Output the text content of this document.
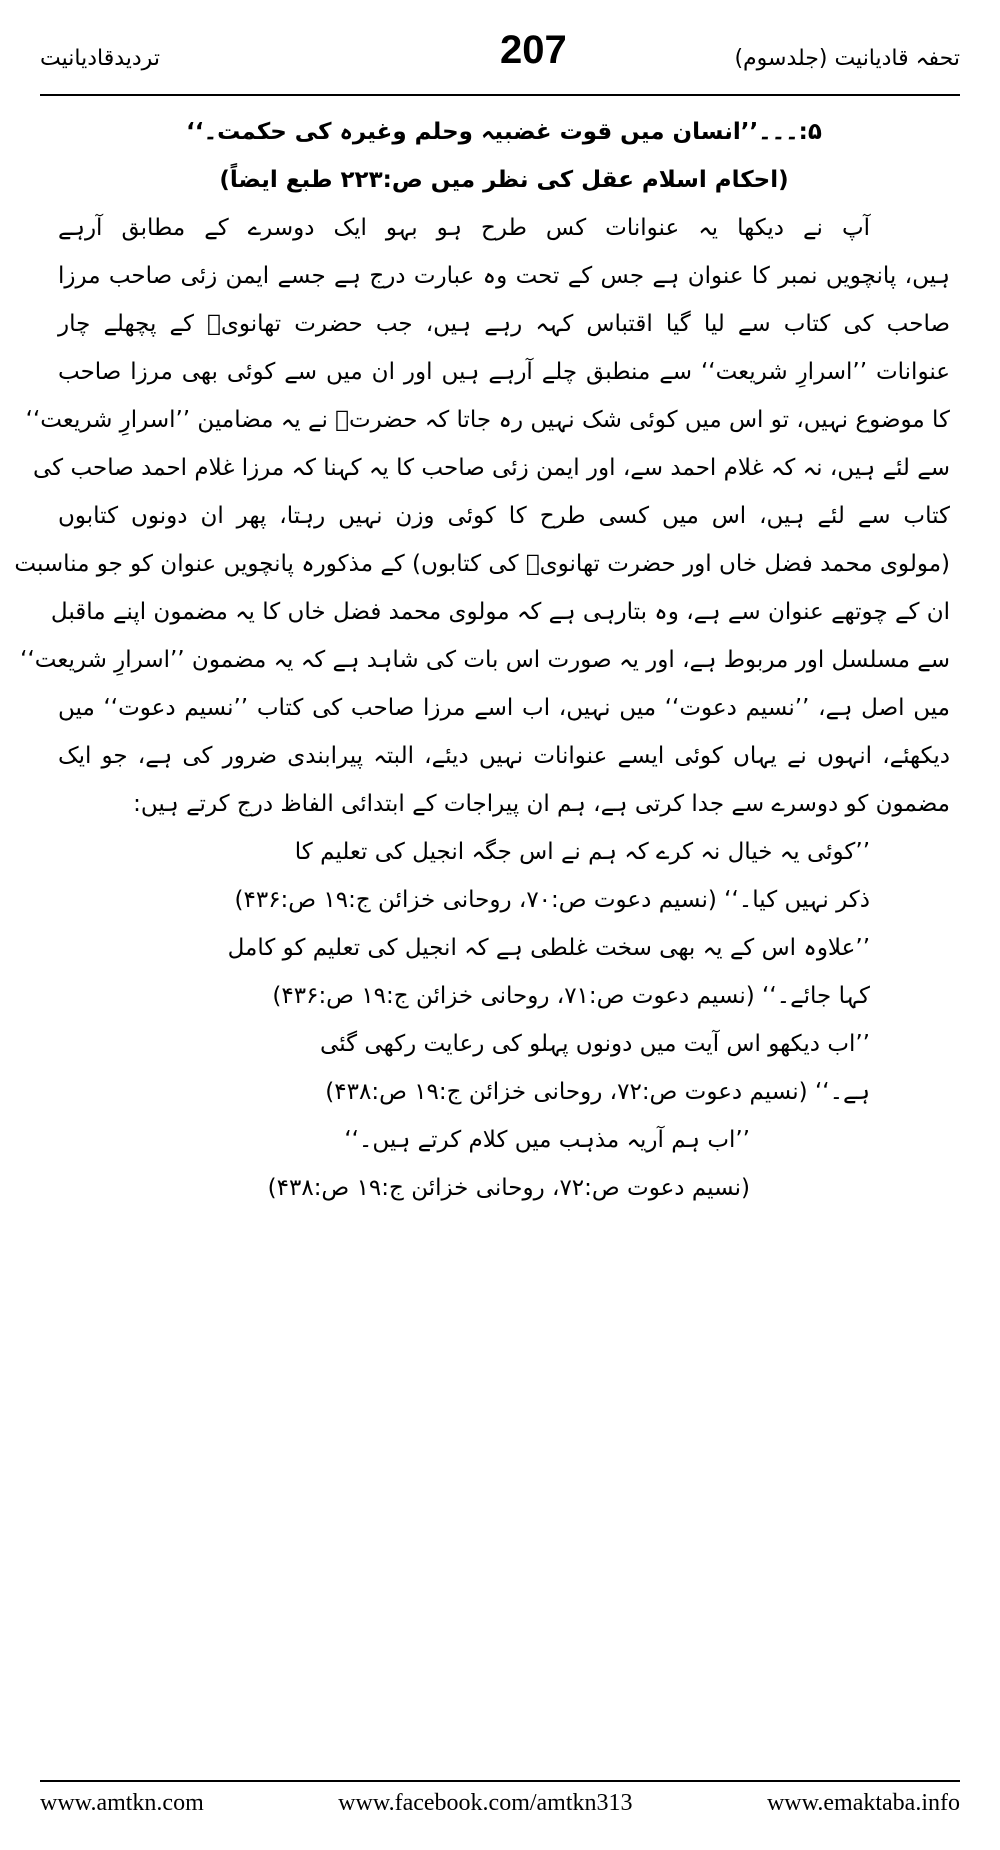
تردیدقادیانیت	207	تحفہ قادیانیت (جلدسوم)
۵:۔۔۔’’انسان میں قوت غضبیہ وحلم وغیرہ کی حکمت۔‘‘
(احکام اسلام عقل کی نظر میں ص:۲۲۳ طبع ایضاً)
آپ نے دیکھا یہ عنوانات کس طرح ہو بہو ایک دوسرے کے مطابق آرہے
ہیں، پانچویں نمبر کا عنوان ہے جس کے تحت وہ عبارت درج ہے جسے ایمن زئی صاحب مرزا
صاحب کی کتاب سے لیا گیا اقتباس کہہ رہے ہیں، جب حضرت تھانویؒ کے پچھلے چار
عنوانات ’’اسرارِ شریعت‘‘ سے منطبق چلے آرہے ہیں اور ان میں سے کوئی بھی مرزا صاحب
کا موضوع نہیں، تو اس میں کوئی شک نہیں رہ جاتا کہ حضرتؒ نے یہ مضامین ’’اسرارِ شریعت‘‘
سے لئے ہیں، نہ کہ غلام احمد سے، اور ایمن زئی صاحب کا یہ کہنا کہ مرزا غلام احمد صاحب کی
کتاب سے لئے ہیں، اس میں کسی طرح کا کوئی وزن نہیں رہتا، پھر ان دونوں کتابوں
(مولوی محمد فضل خاں اور حضرت تھانویؒ کی کتابوں) کے مذکورہ پانچویں عنوان کو جو مناسبت
ان کے چوتھے عنوان سے ہے، وہ بتارہی ہے کہ مولوی محمد فضل خاں کا یہ مضمون اپنے ماقبل
سے مسلسل اور مربوط ہے، اور یہ صورت اس بات کی شاہد ہے کہ یہ مضمون ’’اسرارِ شریعت‘‘
میں اصل ہے، ’’نسیم دعوت‘‘ میں نہیں، اب اسے مرزا صاحب کی کتاب ’’نسیم دعوت‘‘ میں
دیکھئے، انہوں نے یہاں کوئی ایسے عنوانات نہیں دیئے، البتہ پیرابندی ضرور کی ہے، جو ایک
مضمون کو دوسرے سے جدا کرتی ہے، ہم ان پیراجات کے ابتدائی الفاظ درج کرتے ہیں:
’’کوئی یہ خیال نہ کرے کہ ہم نے اس جگہ انجیل کی تعلیم کا
ذکر نہیں کیا۔‘‘ (نسیم دعوت ص:۷۰، روحانی خزائن ج:۱۹ ص:۴۳۶)
’’علاوہ اس کے یہ بھی سخت غلطی ہے کہ انجیل کی تعلیم کو کامل
کہا جائے۔‘‘ (نسیم دعوت ص:۷۱، روحانی خزائن ج:۱۹ ص:۴۳۶)
’’اب دیکھو اس آیت میں دونوں پہلو کی رعایت رکھی گئی
ہے۔‘‘ (نسیم دعوت ص:۷۲، روحانی خزائن ج:۱۹ ص:۴۳۸)
’’اب ہم آریہ مذہب میں کلام کرتے ہیں۔‘‘
(نسیم دعوت ص:۷۲، روحانی خزائن ج:۱۹ ص:۴۳۸)
www.amtkn.com	www.facebook.com/amtkn313	www.emaktaba.info
